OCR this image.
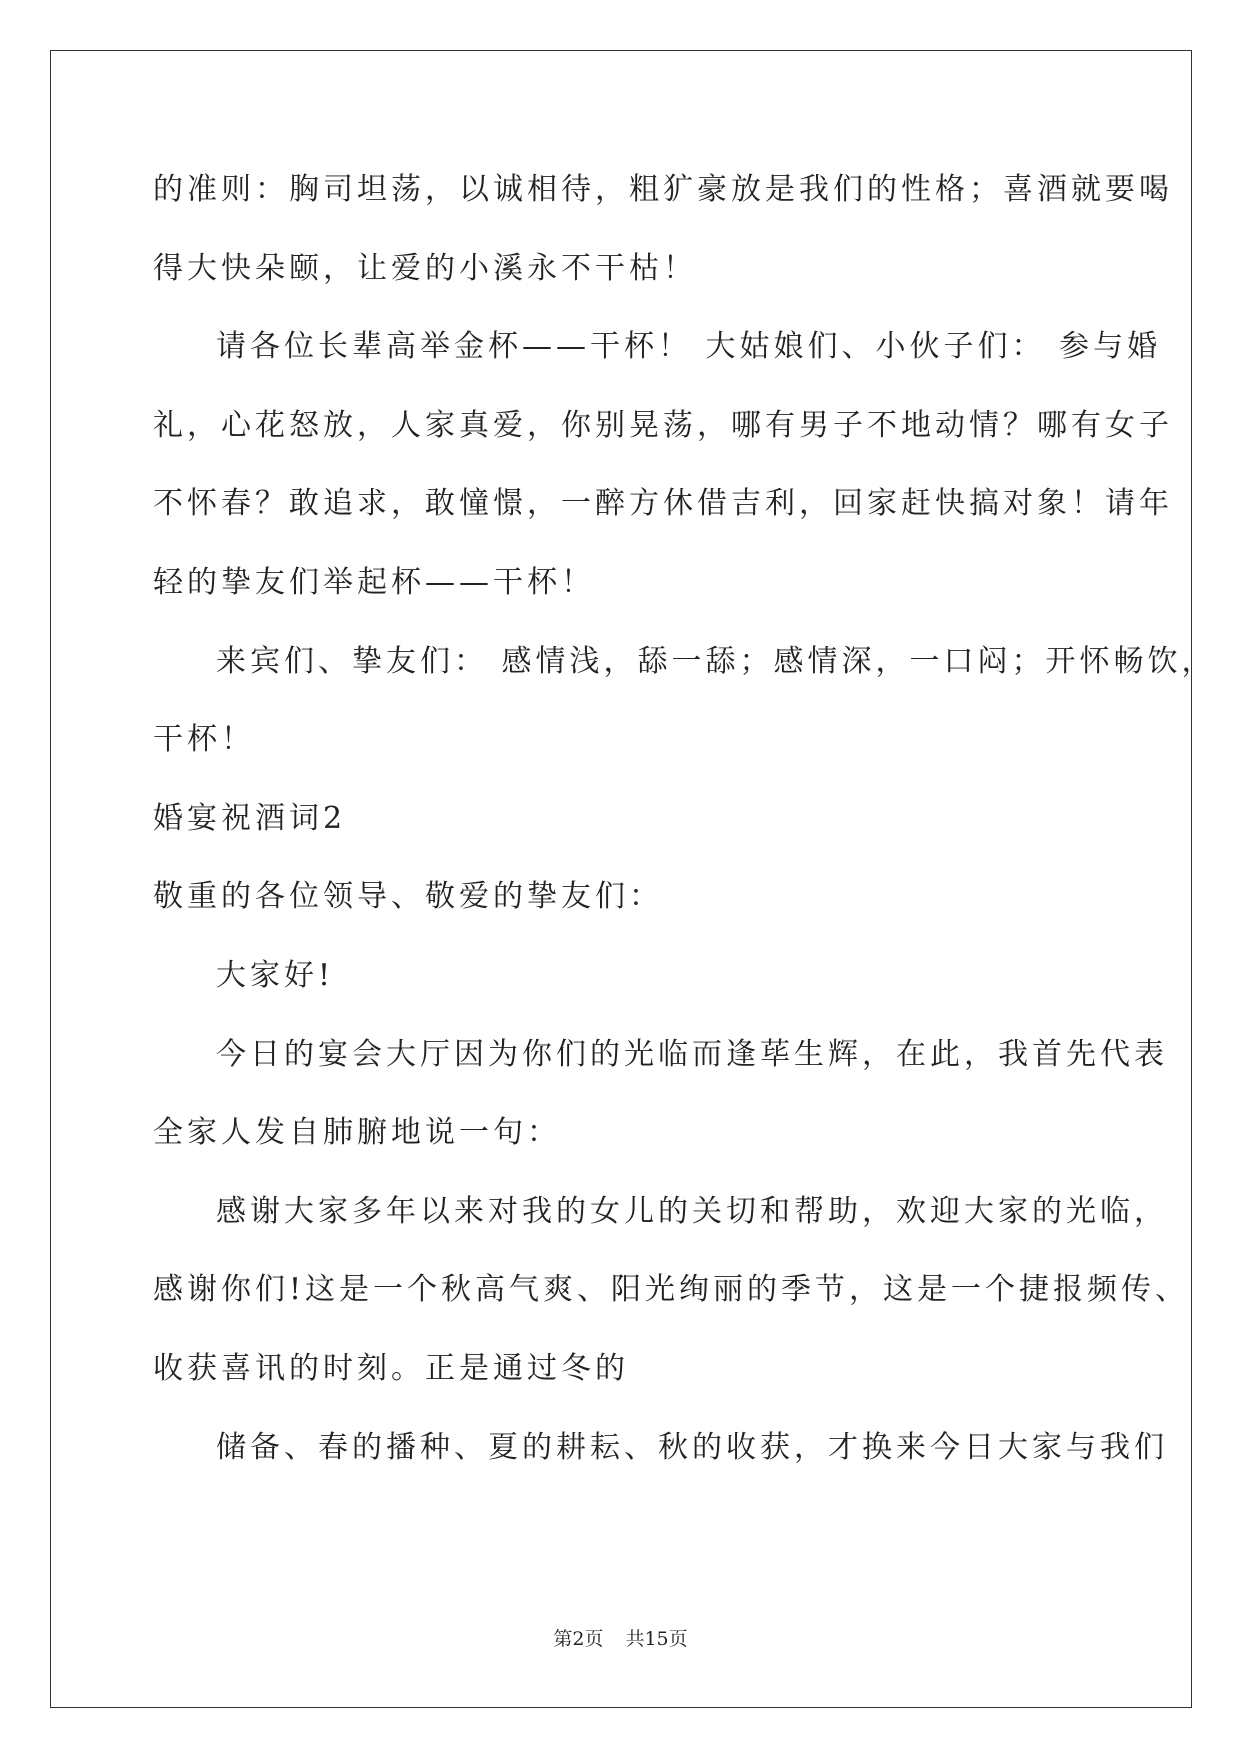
的准则：胸司坦荡，以诚相待，粗犷豪放是我们的性格；喜酒就要喝
得大快朵颐，让爱的小溪永不干枯！
请各位长辈高举金杯——干杯！ 大姑娘们、小伙子们： 参与婚
礼，心花怒放，人家真爱，你别晃荡，哪有男子不地动情？哪有女子
不怀春？敢追求，敢憧憬，一醉方休借吉利，回家赶快搞对象！请年
轻的挚友们举起杯——干杯！
来宾们、挚友们： 感情浅，舔一舔；感情深，一口闷；开怀畅饮，
干杯！
婚宴祝酒词2
敬重的各位领导、敬爱的挚友们：
大家好!
今日的宴会大厅因为你们的光临而逢荜生辉，在此，我首先代表
全家人发自肺腑地说一句：
感谢大家多年以来对我的女儿的关切和帮助，欢迎大家的光临，
感谢你们!这是一个秋高气爽、阳光绚丽的季节，这是一个捷报频传、
收获喜讯的时刻。正是通过冬的
储备、春的播种、夏的耕耘、秋的收获，才换来今日大家与我们
第2页 共15页
